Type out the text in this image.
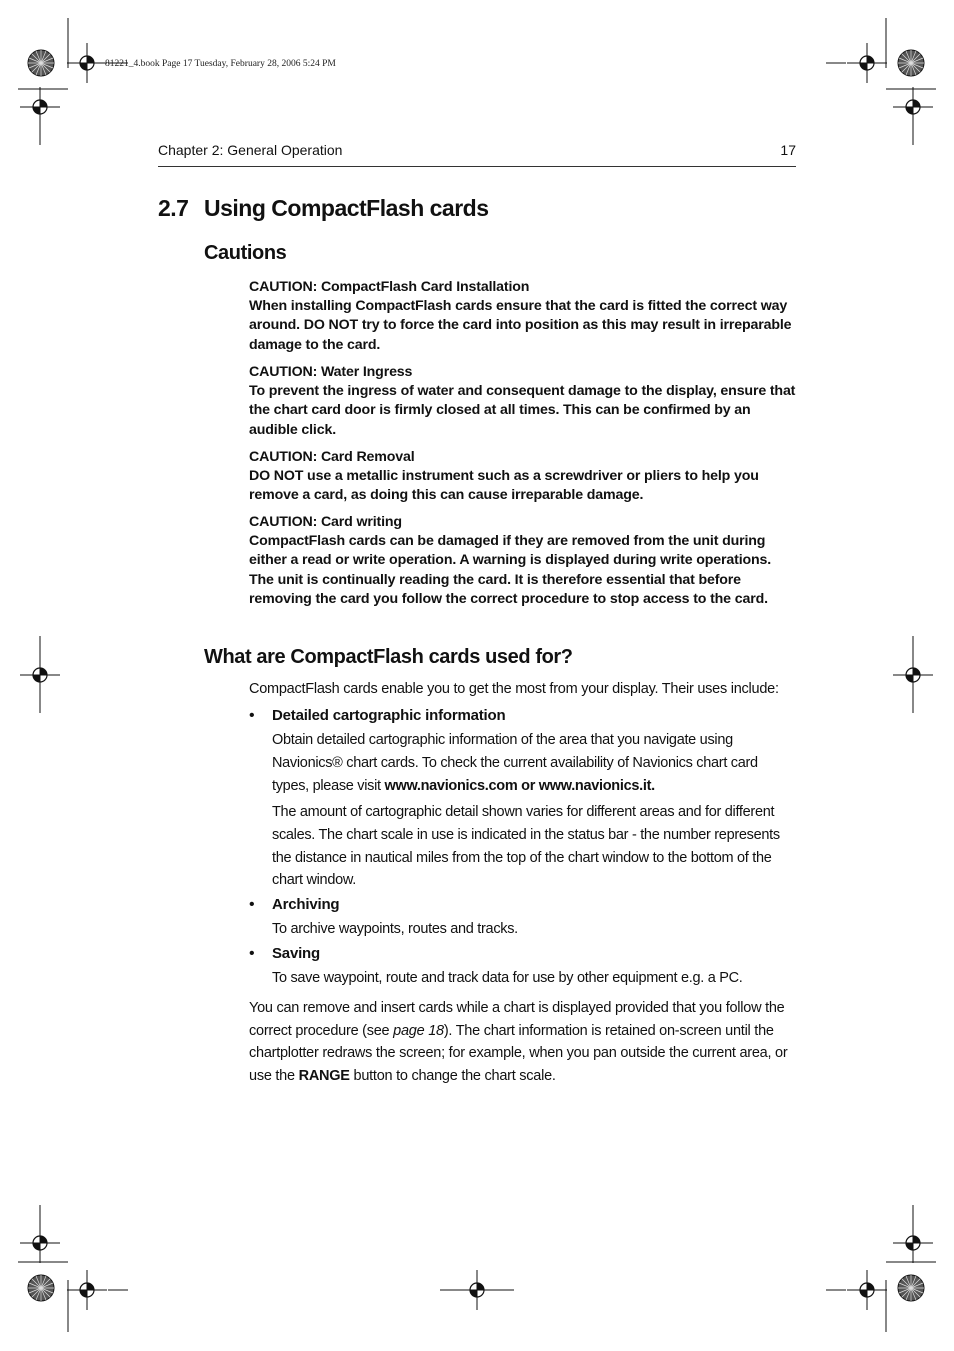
81221_4.book Page 17 Tuesday, February 28, 2006 5:24 PM
Chapter 2: General Operation	17
2.7 Using CompactFlash cards
Cautions
CAUTION: CompactFlash Card Installation
When installing CompactFlash cards ensure that the card is fitted the correct way around. DO NOT try to force the card into position as this may result in irreparable damage to the card.
CAUTION: Water Ingress
To prevent the ingress of water and consequent damage to the display, ensure that the chart card door is firmly closed at all times. This can be confirmed by an audible click.
CAUTION: Card Removal
DO NOT use a metallic instrument such as a screwdriver or pliers to help you remove a card, as doing this can cause irreparable damage.
CAUTION: Card writing
CompactFlash cards can be damaged if they are removed from the unit during either a read or write operation. A warning is displayed during write operations. The unit is continually reading the card. It is therefore essential that before removing the card you follow the correct procedure to stop access to the card.
What are CompactFlash cards used for?
CompactFlash cards enable you to get the most from your display. Their uses include:
• Detailed cartographic information
Obtain detailed cartographic information of the area that you navigate using Navionics® chart cards. To check the current availability of Navionics chart card types, please visit www.navionics.com or www.navionics.it.
The amount of cartographic detail shown varies for different areas and for different scales. The chart scale in use is indicated in the status bar - the number represents the distance in nautical miles from the top of the chart window to the bottom of the chart window.
• Archiving
To archive waypoints, routes and tracks.
• Saving
To save waypoint, route and track data for use by other equipment e.g. a PC.
You can remove and insert cards while a chart is displayed provided that you follow the correct procedure (see page 18). The chart information is retained on-screen until the chartplotter redraws the screen; for example, when you pan outside the current area, or use the RANGE button to change the chart scale.
